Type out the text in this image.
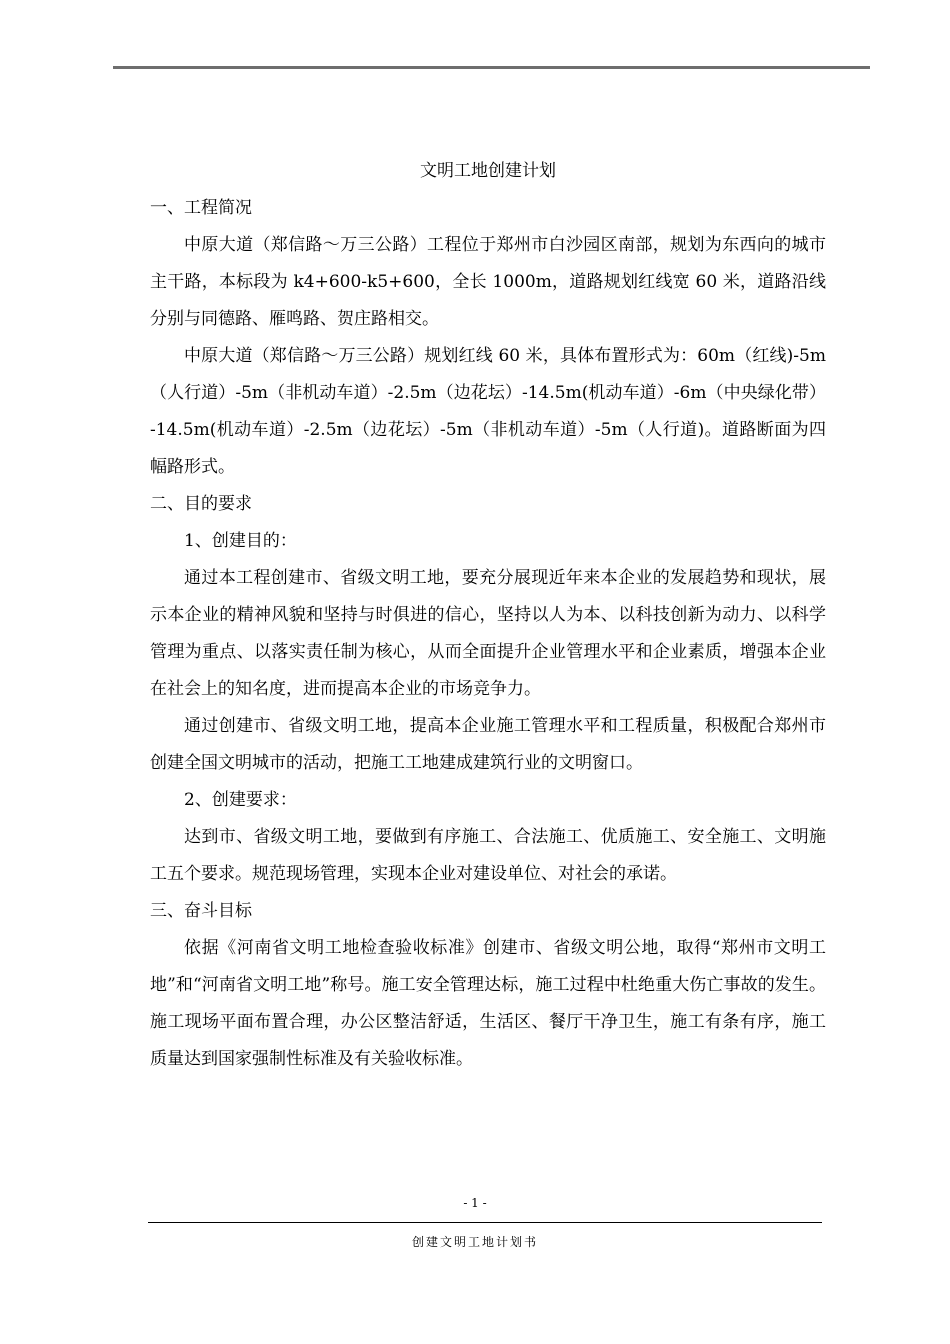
文明工地创建计划

一、工程简况

中原大道（郑信路～万三公路）工程位于郑州市白沙园区南部，规划为东西向的城市主干路，本标段为 k4+600-k5+600，全长 1000m，道路规划红线宽 60 米，道路沿线分别与同德路、雁鸣路、贺庄路相交。

中原大道（郑信路～万三公路）规划红线 60 米，具体布置形式为：60m（红线)-5m（人行道）-5m（非机动车道）-2.5m（边花坛）-14.5m(机动车道）-6m（中央绿化带）-14.5m(机动车道）-2.5m（边花坛）-5m（非机动车道）-5m（人行道)。道路断面为四幅路形式。

二、目的要求

1、创建目的：

通过本工程创建市、省级文明工地，要充分展现近年来本企业的发展趋势和现状，展示本企业的精神风貌和坚持与时俱进的信心，坚持以人为本、以科技创新为动力、以科学管理为重点、以落实责任制为核心，从而全面提升企业管理水平和企业素质，增强本企业在社会上的知名度，进而提高本企业的市场竞争力。

通过创建市、省级文明工地，提高本企业施工管理水平和工程质量，积极配合郑州市创建全国文明城市的活动，把施工工地建成建筑行业的文明窗口。

2、创建要求：

达到市、省级文明工地，要做到有序施工、合法施工、优质施工、安全施工、文明施工五个要求。规范现场管理，实现本企业对建设单位、对社会的承诺。

三、奋斗目标

依据《河南省文明工地检查验收标准》创建市、省级文明公地，取得“郑州市文明工地”和“河南省文明工地”称号。施工安全管理达标，施工过程中杜绝重大伤亡事故的发生。施工现场平面布置合理，办公区整洁舒适，生活区、餐厅干净卫生，施工有条有序，施工质量达到国家强制性标准及有关验收标准。

- 1 -
创建文明工地计划书
